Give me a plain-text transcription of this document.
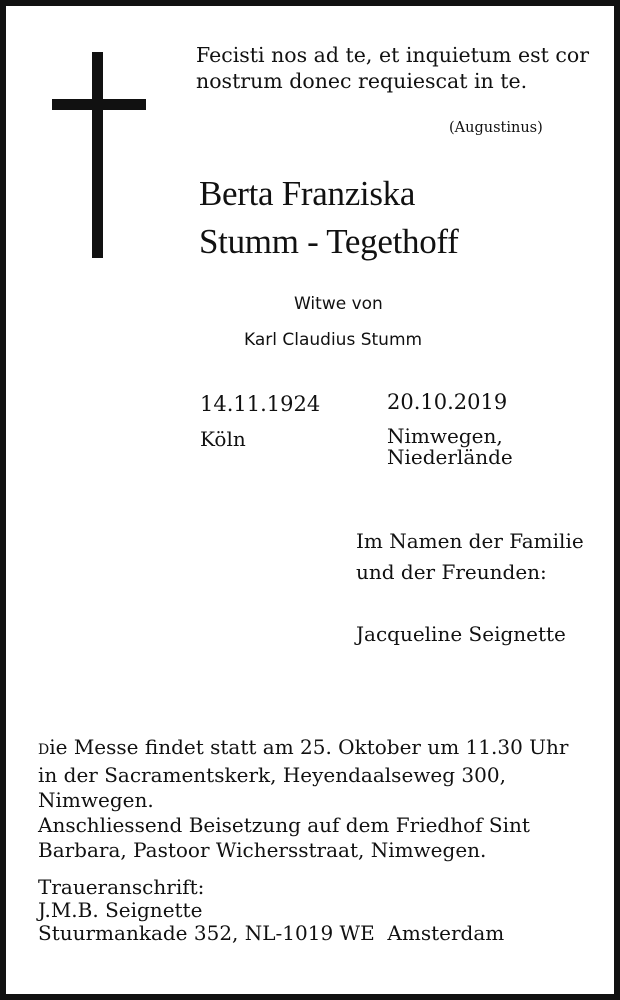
Fecisti nos ad te, et inquietum est cor
nostrum donec requiescat in te.
(Augustinus)
Berta Franziska
Stumm - Tegethoff
Witwe von
Karl Claudius Stumm
14.11.1924	20.10.2019
Köln	Nimwegen,
Niederlände
Im Namen der Familie
und der Freunden:
Jacqueline Seignette
Die Messe findet statt am 25. Oktober um 11.30 Uhr
in der Sacramentskerk, Heyendaalseweg 300,
Nimwegen.
Anschliessend Beisetzung auf dem Friedhof Sint
Barbara, Pastoor Wichersstraat, Nimwegen.
Traueranschrift:
J.M.B. Seignette
Stuurmankade 352, NL-1019 WE  Amsterdam
